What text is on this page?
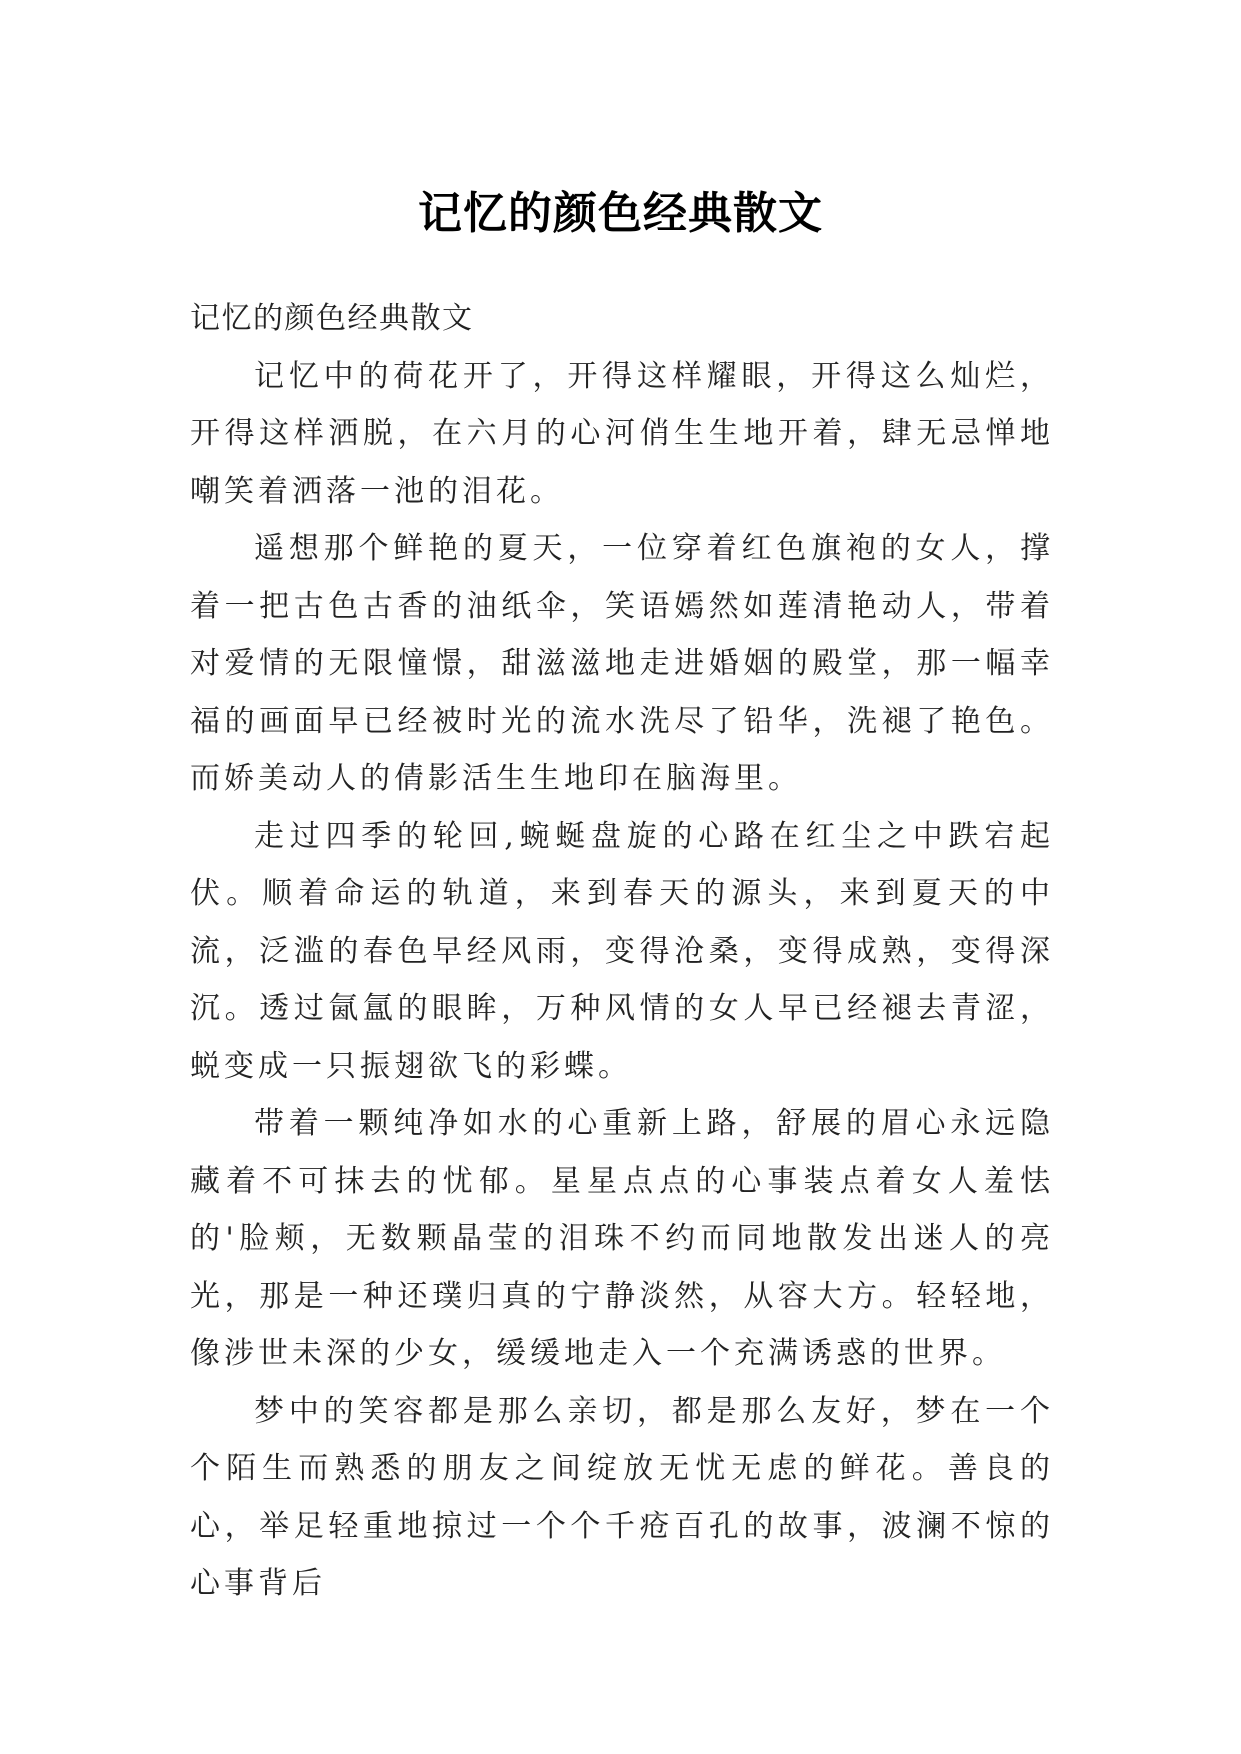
记忆的颜色经典散文

记忆的颜色经典散文

记忆中的荷花开了，开得这样耀眼，开得这么灿烂，开得这样洒脱，在六月的心河俏生生地开着，肆无忌惮地嘲笑着洒落一池的泪花。

遥想那个鲜艳的夏天，一位穿着红色旗袍的女人，撑着一把古色古香的油纸伞，笑语嫣然如莲清艳动人，带着对爱情的无限憧憬，甜滋滋地走进婚姻的殿堂，那一幅幸福的画面早已经被时光的流水洗尽了铅华，洗褪了艳色。而娇美动人的倩影活生生地印在脑海里。

走过四季的轮回,蜿蜒盘旋的心路在红尘之中跌宕起伏。顺着命运的轨道，来到春天的源头，来到夏天的中流，泛滥的春色早经风雨，变得沧桑，变得成熟，变得深沉。透过氤氲的眼眸，万种风情的女人早已经褪去青涩，蜕变成一只振翅欲飞的彩蝶。

带着一颗纯净如水的心重新上路，舒展的眉心永远隐藏着不可抹去的忧郁。星星点点的心事装点着女人羞怯的'脸颊，无数颗晶莹的泪珠不约而同地散发出迷人的亮光，那是一种还璞归真的宁静淡然，从容大方。轻轻地，像涉世未深的少女，缓缓地走入一个充满诱惑的世界。

梦中的笑容都是那么亲切，都是那么友好，梦在一个个陌生而熟悉的朋友之间绽放无忧无虑的鲜花。善良的心，举足轻重地掠过一个个千疮百孔的故事，波澜不惊的心事背后
